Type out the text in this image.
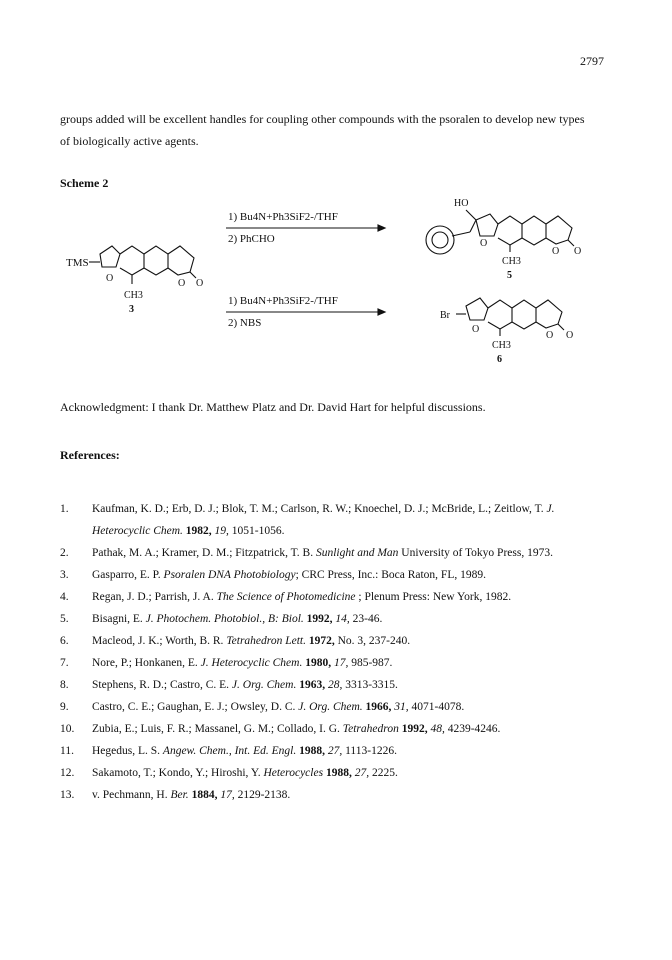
2797

groups added will be excellent handles for coupling other compounds with the psoralen to develop new types

of biologically active agents.

Scheme 2
TMS
O	O O
CH3
3
1) Bu4N+Ph3SiF2-/THF
2) PhCHO
1) Bu4N+Ph3SiF2-/THF
2) NBS
HO
O
O O
CH3
5
Br
O
O O
CH3
6
Acknowledgment: I thank Dr. Matthew Platz and Dr. David Hart for helpful discussions.
References:
1.	Kaufman, K. D.; Erb, D. J.; Blok, T. M.; Carlson, R. W.; Knoechel, D. J.; McBride, L.; Zeitlow, T. J. Heterocyclic Chem. 1982, 19, 1051-1056.
2.	Pathak, M. A.; Kramer, D. M.; Fitzpatrick, T. B. Sunlight and Man University of Tokyo Press, 1973.
3.	Gasparro, E. P. Psoralen DNA Photobiology; CRC Press, Inc.: Boca Raton, FL, 1989.
4.	Regan, J. D.; Parrish, J. A. The Science of Photomedicine ; Plenum Press: New York, 1982.
5.	Bisagni, E. J. Photochem. Photobiol., B: Biol. 1992, 14, 23-46.
6.	Macleod, J. K.; Worth, B. R. Tetrahedron Lett. 1972, No. 3, 237-240.
7.	Nore, P.; Honkanen, E. J. Heterocyclic Chem. 1980, 17, 985-987.
8.	Stephens, R. D.; Castro, C. E. J. Org. Chem. 1963, 28, 3313-3315.
9.	Castro, C. E.; Gaughan, E. J.; Owsley, D. C. J. Org. Chem. 1966, 31, 4071-4078.
10.	Zubia, E.; Luis, F. R.; Massanel, G. M.; Collado, I. G. Tetrahedron 1992, 48, 4239-4246.
11.	Hegedus, L. S. Angew. Chem., Int. Ed. Engl. 1988, 27, 1113-1226.
12.	Sakamoto, T.; Kondo, Y.; Hiroshi, Y. Heterocycles 1988, 27, 2225.
13.	v. Pechmann, H. Ber. 1884, 17, 2129-2138.
